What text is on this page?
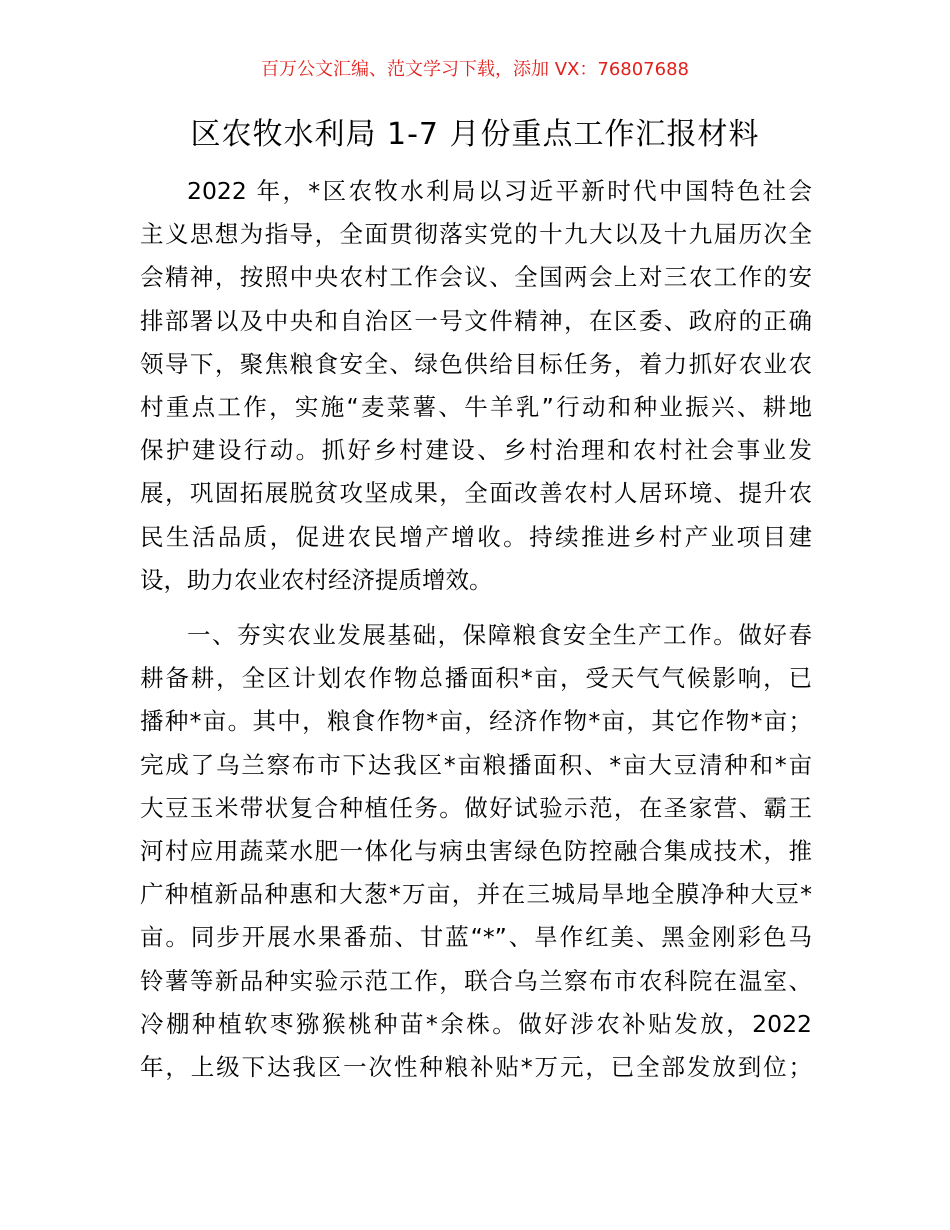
百万公文汇编、范文学习下载，添加 VX：76807688
区农牧水利局 1-7 月份重点工作汇报材料
2022 年，*区农牧水利局以习近平新时代中国特色社会
主义思想为指导，全面贯彻落实党的十九大以及十九届历次全
会精神，按照中央农村工作会议、全国两会上对三农工作的安
排部署以及中央和自治区一号文件精神，在区委、政府的正确
领导下，聚焦粮食安全、绿色供给目标任务，着力抓好农业农
村重点工作，实施“麦菜薯、牛羊乳”行动和种业振兴、耕地
保护建设行动。抓好乡村建设、乡村治理和农村社会事业发
展，巩固拓展脱贫攻坚成果，全面改善农村人居环境、提升农
民生活品质，促进农民增产增收。持续推进乡村产业项目建
设，助力农业农村经济提质增效。
一、夯实农业发展基础，保障粮食安全生产工作。做好春
耕备耕，全区计划农作物总播面积*亩，受天气气候影响，已
播种*亩。其中，粮食作物*亩，经济作物*亩，其它作物*亩；
完成了乌兰察布市下达我区*亩粮播面积、*亩大豆清种和*亩
大豆玉米带状复合种植任务。做好试验示范，在圣家营、霸王
河村应用蔬菜水肥一体化与病虫害绿色防控融合集成技术，推
广种植新品种惠和大葱*万亩，并在三城局旱地全膜净种大豆*
亩。同步开展水果番茄、甘蓝“*”、旱作红美、黑金刚彩色马
铃薯等新品种实验示范工作，联合乌兰察布市农科院在温室、
冷棚种植软枣猕猴桃种苗*余株。做好涉农补贴发放，2022
年，上级下达我区一次性种粮补贴*万元，已全部发放到位；
